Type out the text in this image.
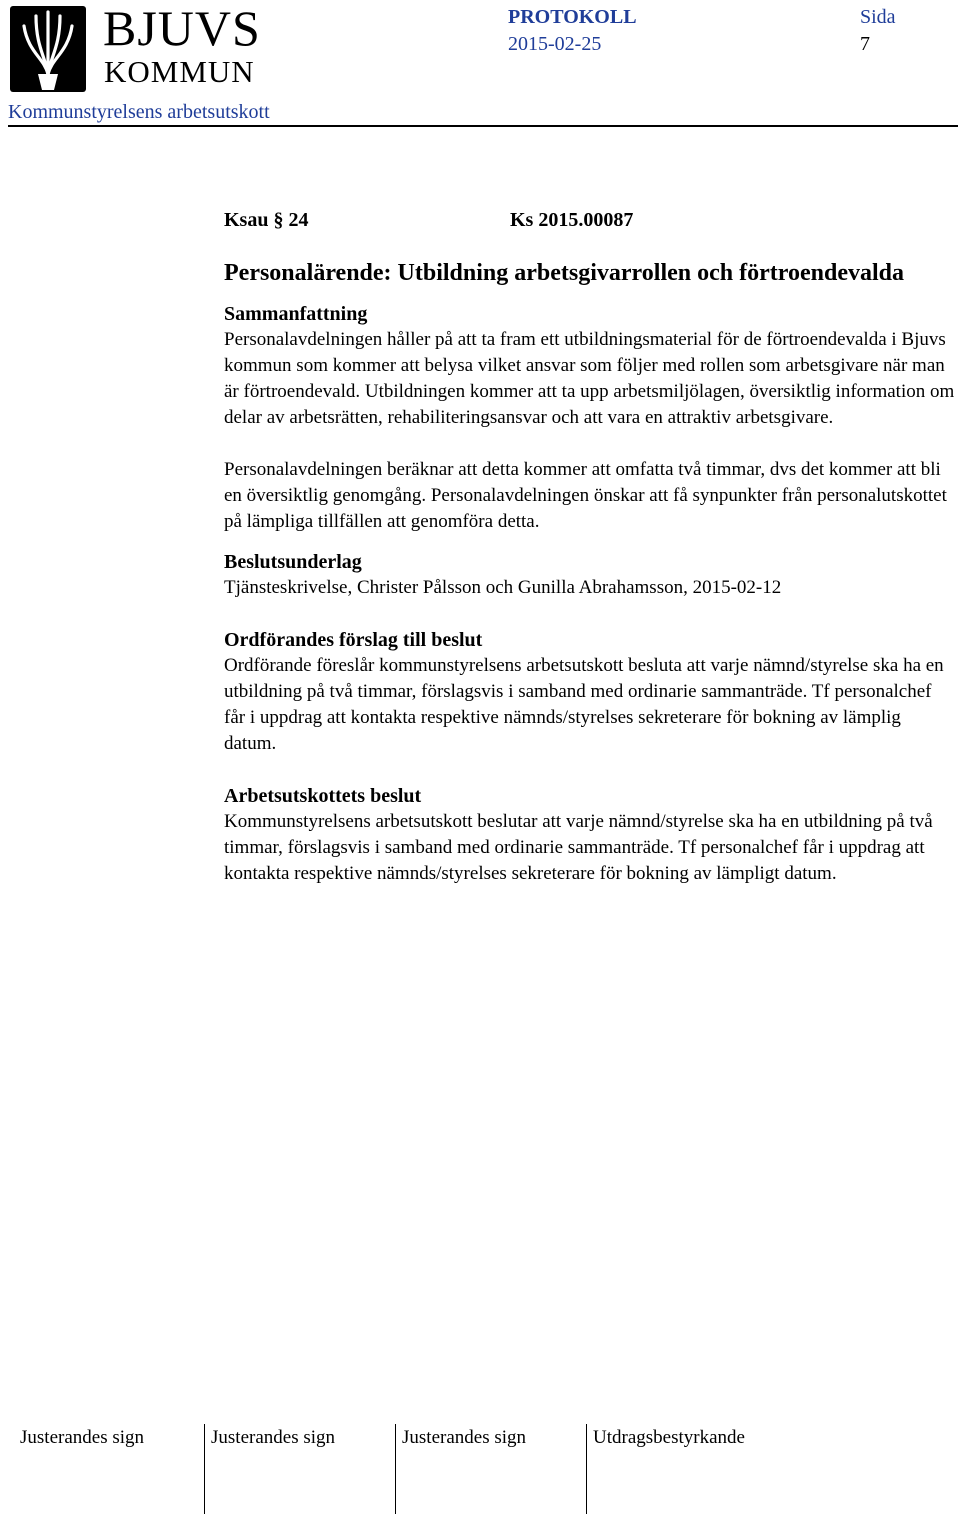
BJUVS
KOMMUN
PROTOKOLL
2015-02-25
Sida
7
Kommunstyrelsens arbetsutskott

Ksau § 24	Ks 2015.00087

Personalärende: Utbildning arbetsgivarrollen och förtroendevalda
Sammanfattning

Personalavdelningen håller på att ta fram ett utbildningsmaterial för de förtroendevalda i Bjuvs kommun som kommer att belysa vilket ansvar som följer med rollen som arbetsgivare när man är förtroendevald. Utbildningen kommer att ta upp arbetsmiljölagen, översiktlig information om delar av arbetsrätten, rehabiliteringsansvar och att vara en attraktiv arbetsgivare.

Personalavdelningen beräknar att detta kommer att omfatta två timmar, dvs det kommer att bli en översiktlig genomgång. Personalavdelningen önskar att få synpunkter från personalutskottet på lämpliga tillfällen att genomföra detta.

Beslutsunderlag

Tjänsteskrivelse, Christer Pålsson och Gunilla Abrahamsson, 2015-02-12

Ordförandes förslag till beslut

Ordförande föreslår kommunstyrelsens arbetsutskott besluta att varje nämnd/styrelse ska ha en utbildning på två timmar, förslagsvis i samband med ordinarie sammanträde. Tf personalchef får i uppdrag att kontakta respektive nämnds/styrelses sekreterare för bokning av lämplig datum.

Arbetsutskottets beslut

Kommunstyrelsens arbetsutskott beslutar att varje nämnd/styrelse ska ha en utbildning på två timmar, förslagsvis i samband med ordinarie sammanträde. Tf personalchef får i uppdrag att kontakta respektive nämnds/styrelses sekreterare för bokning av lämpligt datum.

Justerandes sign	Justerandes sign	Justerandes sign	Utdragsbestyrkande
